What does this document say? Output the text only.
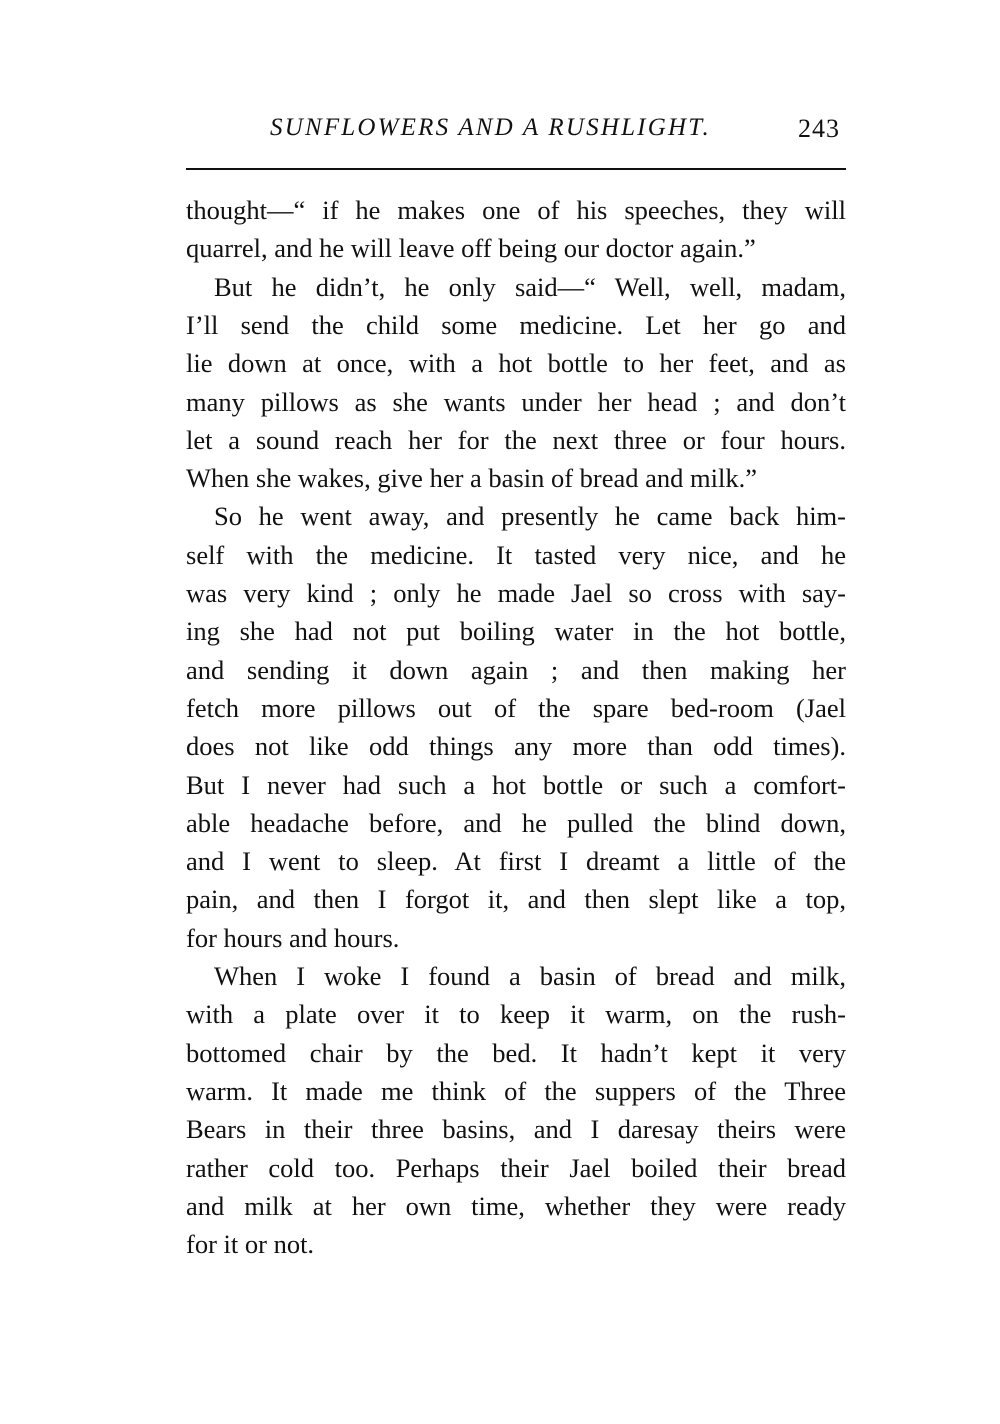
SUNFLOWERS AND A RUSHLIGHT.	243
thought—“ if he makes one of his speeches, they will
quarrel, and he will leave off being our doctor again.”
But he didn’t, he only said—“ Well, well, madam,
I’ll send the child some medicine. Let her go and
lie down at once, with a hot bottle to her feet, and as
many pillows as she wants under her head ; and don’t
let a sound reach her for the next three or four hours.
When she wakes, give her a basin of bread and milk.”
So he went away, and presently he came back him-
self with the medicine. It tasted very nice, and he
was very kind ; only he made Jael so cross with say-
ing she had not put boiling water in the hot bottle,
and sending it down again ; and then making her
fetch more pillows out of the spare bed-room (Jael
does not like odd things any more than odd times).
But I never had such a hot bottle or such a comfort-
able headache before, and he pulled the blind down,
and I went to sleep. At first I dreamt a little of the
pain, and then I forgot it, and then slept like a top,
for hours and hours.
When I woke I found a basin of bread and milk,
with a plate over it to keep it warm, on the rush-
bottomed chair by the bed. It hadn’t kept it very
warm. It made me think of the suppers of the Three
Bears in their three basins, and I daresay theirs were
rather cold too. Perhaps their Jael boiled their bread
and milk at her own time, whether they were ready
for it or not.
